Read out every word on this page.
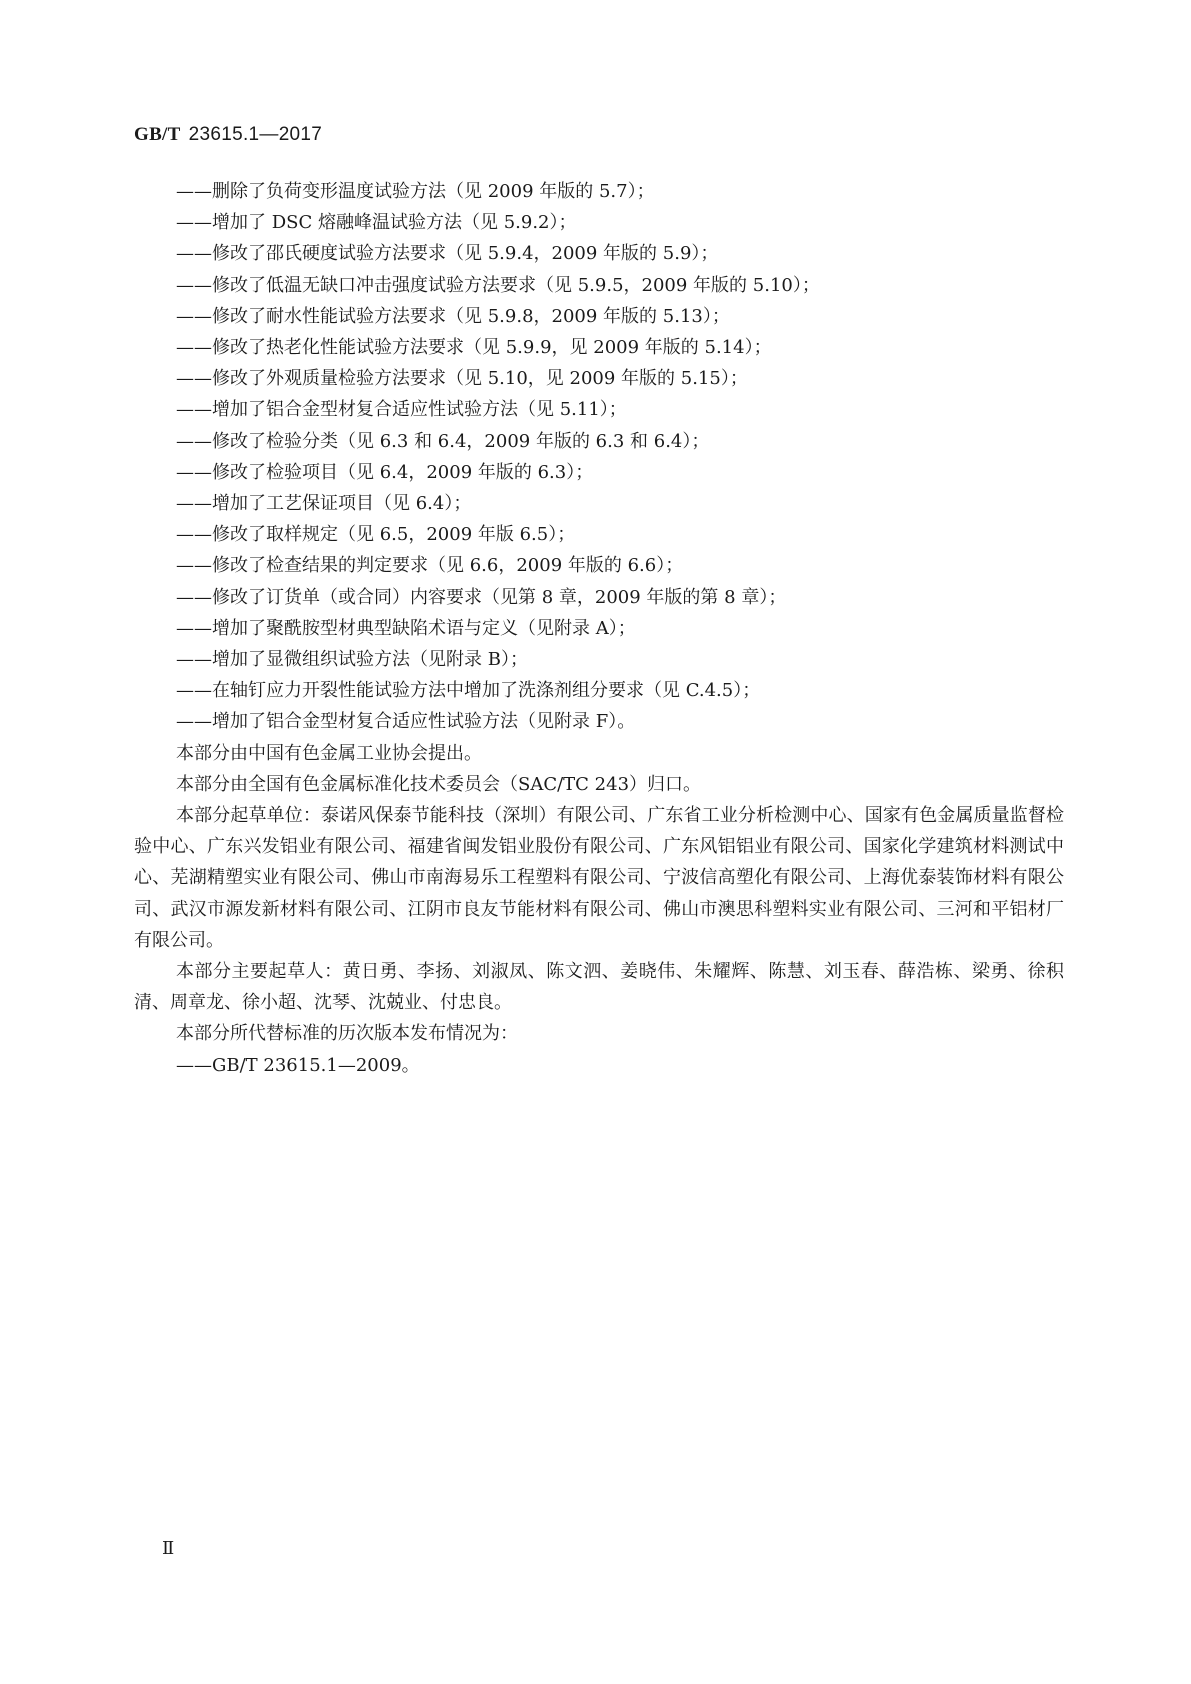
GB/T 23615.1—2017
——删除了负荷变形温度试验方法（见 2009 年版的 5.7）；
——增加了 DSC 熔融峰温试验方法（见 5.9.2）；
——修改了邵氏硬度试验方法要求（见 5.9.4，2009 年版的 5.9）；
——修改了低温无缺口冲击强度试验方法要求（见 5.9.5，2009 年版的 5.10）；
——修改了耐水性能试验方法要求（见 5.9.8，2009 年版的 5.13）；
——修改了热老化性能试验方法要求（见 5.9.9，见 2009 年版的 5.14）；
——修改了外观质量检验方法要求（见 5.10，见 2009 年版的 5.15）；
——增加了铝合金型材复合适应性试验方法（见 5.11）；
——修改了检验分类（见 6.3 和 6.4，2009 年版的 6.3 和 6.4）；
——修改了检验项目（见 6.4，2009 年版的 6.3）；
——增加了工艺保证项目（见 6.4）；
——修改了取样规定（见 6.5，2009 年版 6.5）；
——修改了检查结果的判定要求（见 6.6，2009 年版的 6.6）；
——修改了订货单（或合同）内容要求（见第 8 章，2009 年版的第 8 章）；
——增加了聚酰胺型材典型缺陷术语与定义（见附录 A）；
——增加了显微组织试验方法（见附录 B）；
——在轴钉应力开裂性能试验方法中增加了洗涤剂组分要求（见 C.4.5）；
——增加了铝合金型材复合适应性试验方法（见附录 F）。
本部分由中国有色金属工业协会提出。
本部分由全国有色金属标准化技术委员会（SAC/TC 243）归口。
本部分起草单位：泰诺风保泰节能科技（深圳）有限公司、广东省工业分析检测中心、国家有色金属质量监督检验中心、广东兴发铝业有限公司、福建省闽发铝业股份有限公司、广东风铝铝业有限公司、国家化学建筑材料测试中心、芜湖精塑实业有限公司、佛山市南海易乐工程塑料有限公司、宁波信高塑化有限公司、上海优泰装饰材料有限公司、武汉市源发新材料有限公司、江阴市良友节能材料有限公司、佛山市澳思科塑料实业有限公司、三河和平铝材厂有限公司。
本部分主要起草人：黄日勇、李扬、刘淑凤、陈文泗、姜晓伟、朱耀辉、陈慧、刘玉春、薛浩栋、梁勇、徐积清、周章龙、徐小超、沈琴、沈兢业、付忠良。
本部分所代替标准的历次版本发布情况为：
——GB/T 23615.1—2009。
Ⅱ
